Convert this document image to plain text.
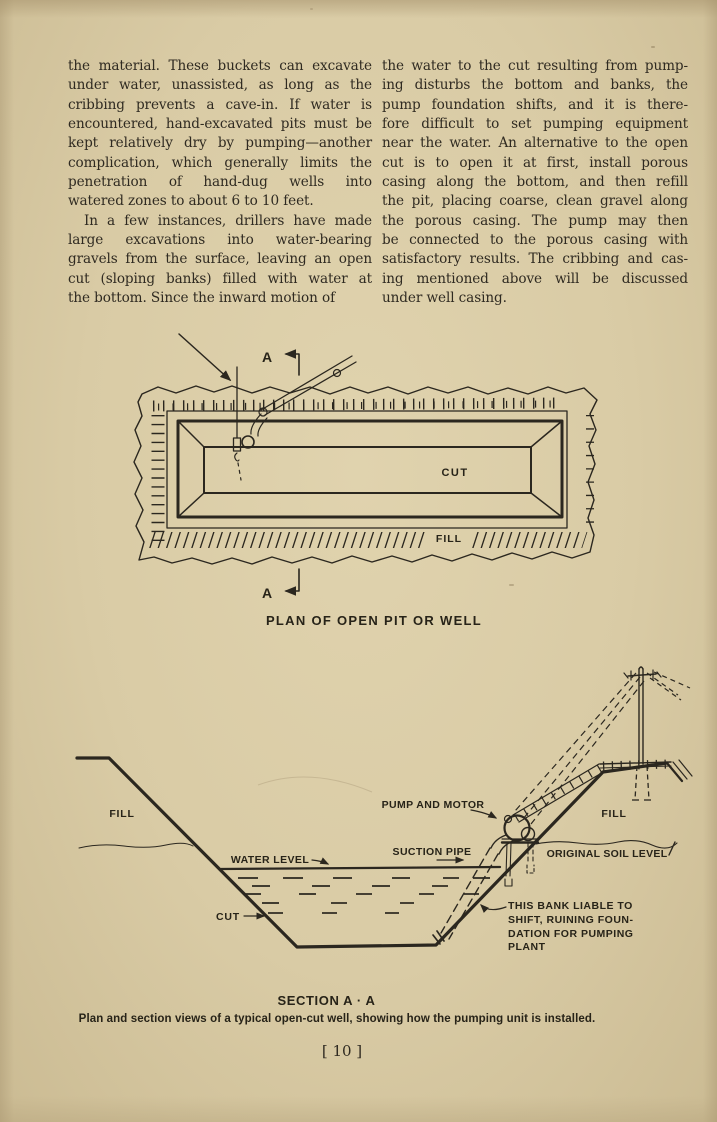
the material. These buckets can excavate
under water, unassisted, as long as the
cribbing prevents a cave-in. If water is
encountered, hand-excavated pits must be
kept relatively dry by pumping—another
complication, which generally limits the
penetration of hand-dug wells into
watered zones to about 6 to 10 feet.
In a few instances, drillers have made
large excavations into water-bearing
gravels from the surface, leaving an open
cut (sloping banks) filled with water at
the bottom. Since the inward motion of
the water to the cut resulting from pump-
ing disturbs the bottom and banks, the
pump foundation shifts, and it is there-
fore difficult to set pumping equipment
near the water. An alternative to the open
cut is to open it at first, install porous
casing along the bottom, and then refill
the pit, placing coarse, clean gravel along
the porous casing. The pump may then
be connected to the porous casing with
satisfactory results. The cribbing and cas-
ing mentioned above will be discussed
under well casing.
A
A
CUT
FILL
PLAN OF OPEN PIT OR WELL
FILL
WATER LEVEL
CUT
PUMP AND MOTOR
SUCTION PIPE	ORIGINAL SOIL LEVEL
FILL
THIS BANK LIABLE TO
SHIFT, RUINING FOUN-
DATION FOR PUMPING
PLANT
SECTION A · A
Plan and section views of a typical open-cut well, showing how the pumping unit is installed.
[ 10 ]
